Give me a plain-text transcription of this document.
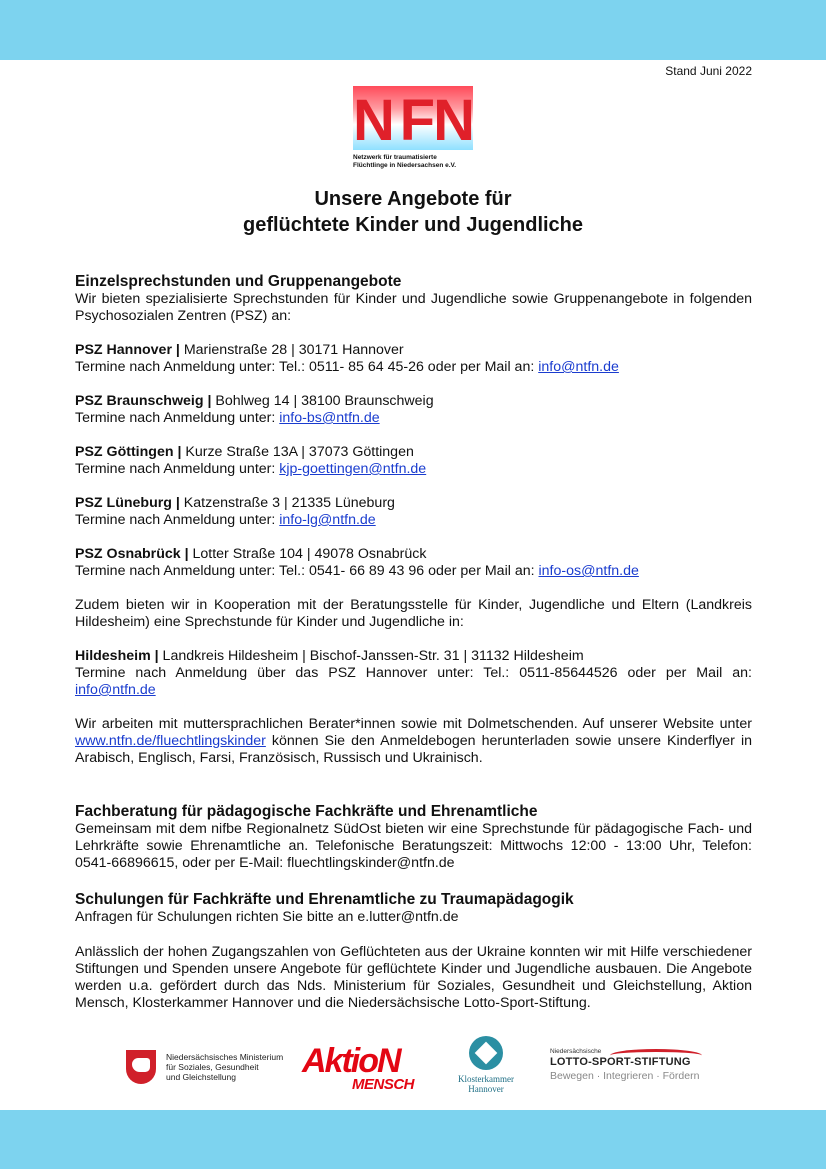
Stand Juni 2022
N F N
Netzwerk für traumatisierte
Flüchtlinge in Niedersachsen e.V.
Unsere Angebote für
geflüchtete Kinder und Jugendliche
Einzelsprechstunden und Gruppenangebote

Wir bieten spezialisierte Sprechstunden für Kinder und Jugendliche sowie Gruppenangebote in folgenden Psychosozialen Zentren (PSZ) an:

PSZ Hannover | Marienstraße 28 | 30171 Hannover
Termine nach Anmeldung unter: Tel.: 0511- 85 64 45-26 oder per Mail an: info@ntfn.de
PSZ Braunschweig | Bohlweg 14 | 38100 Braunschweig
Termine nach Anmeldung unter: info-bs@ntfn.de
PSZ Göttingen | Kurze Straße 13A | 37073 Göttingen
Termine nach Anmeldung unter: kjp-goettingen@ntfn.de
PSZ Lüneburg | Katzenstraße 3 | 21335 Lüneburg
Termine nach Anmeldung unter: info-lg@ntfn.de
PSZ Osnabrück | Lotter Straße 104 | 49078 Osnabrück
Termine nach Anmeldung unter: Tel.: 0541- 66 89 43 96 oder per Mail an: info-os@ntfn.de

Zudem bieten wir in Kooperation mit der Beratungsstelle für Kinder, Jugendliche und Eltern (Landkreis Hildesheim) eine Sprechstunde für Kinder und Jugendliche in:

Hildesheim | Landkreis Hildesheim | Bischof-Janssen-Str. 31 | 31132 Hildesheim

Termine nach Anmeldung über das PSZ Hannover unter: Tel.: 0511-85644526 oder per Mail an: info@ntfn.de

Wir arbeiten mit muttersprachlichen Berater*innen sowie mit Dolmetschenden. Auf unserer Website unter www.ntfn.de/fluechtlingskinder können Sie den Anmeldebogen herunterladen sowie unsere Kinderflyer in Arabisch, Englisch, Farsi, Französisch, Russisch und Ukrainisch.

Fachberatung für pädagogische Fachkräfte und Ehrenamtliche

Gemeinsam mit dem nifbe Regionalnetz SüdOst bieten wir eine Sprechstunde für pädagogische Fach- und Lehrkräfte sowie Ehrenamtliche an. Telefonische Beratungszeit: Mittwochs 12:00 - 13:00 Uhr, Telefon: 0541-66896615, oder per E-Mail: fluechtlingskinder@ntfn.de

Schulungen für Fachkräfte und Ehrenamtliche zu Traumapädagogik

Anfragen für Schulungen richten Sie bitte an e.lutter@ntfn.de

Anlässlich der hohen Zugangszahlen von Geflüchteten aus der Ukraine konnten wir mit Hilfe verschiedener Stiftungen und Spenden unsere Angebote für geflüchtete Kinder und Jugendliche ausbauen. Die Angebote werden u.a. gefördert durch das Nds. Ministerium für Soziales, Gesundheit und Gleichstellung, Aktion Mensch, Klosterkammer Hannover und die Niedersächsische Lotto-Sport-Stiftung.

Niedersächsisches Ministerium
für Soziales, Gesundheit
und Gleichstellung	AktioN
MENSCH	Klosterkammer
Hannover
Niedersächsische
LOTTO-SPORT-STIFTUNG
Bewegen · Integrieren · Fördern
